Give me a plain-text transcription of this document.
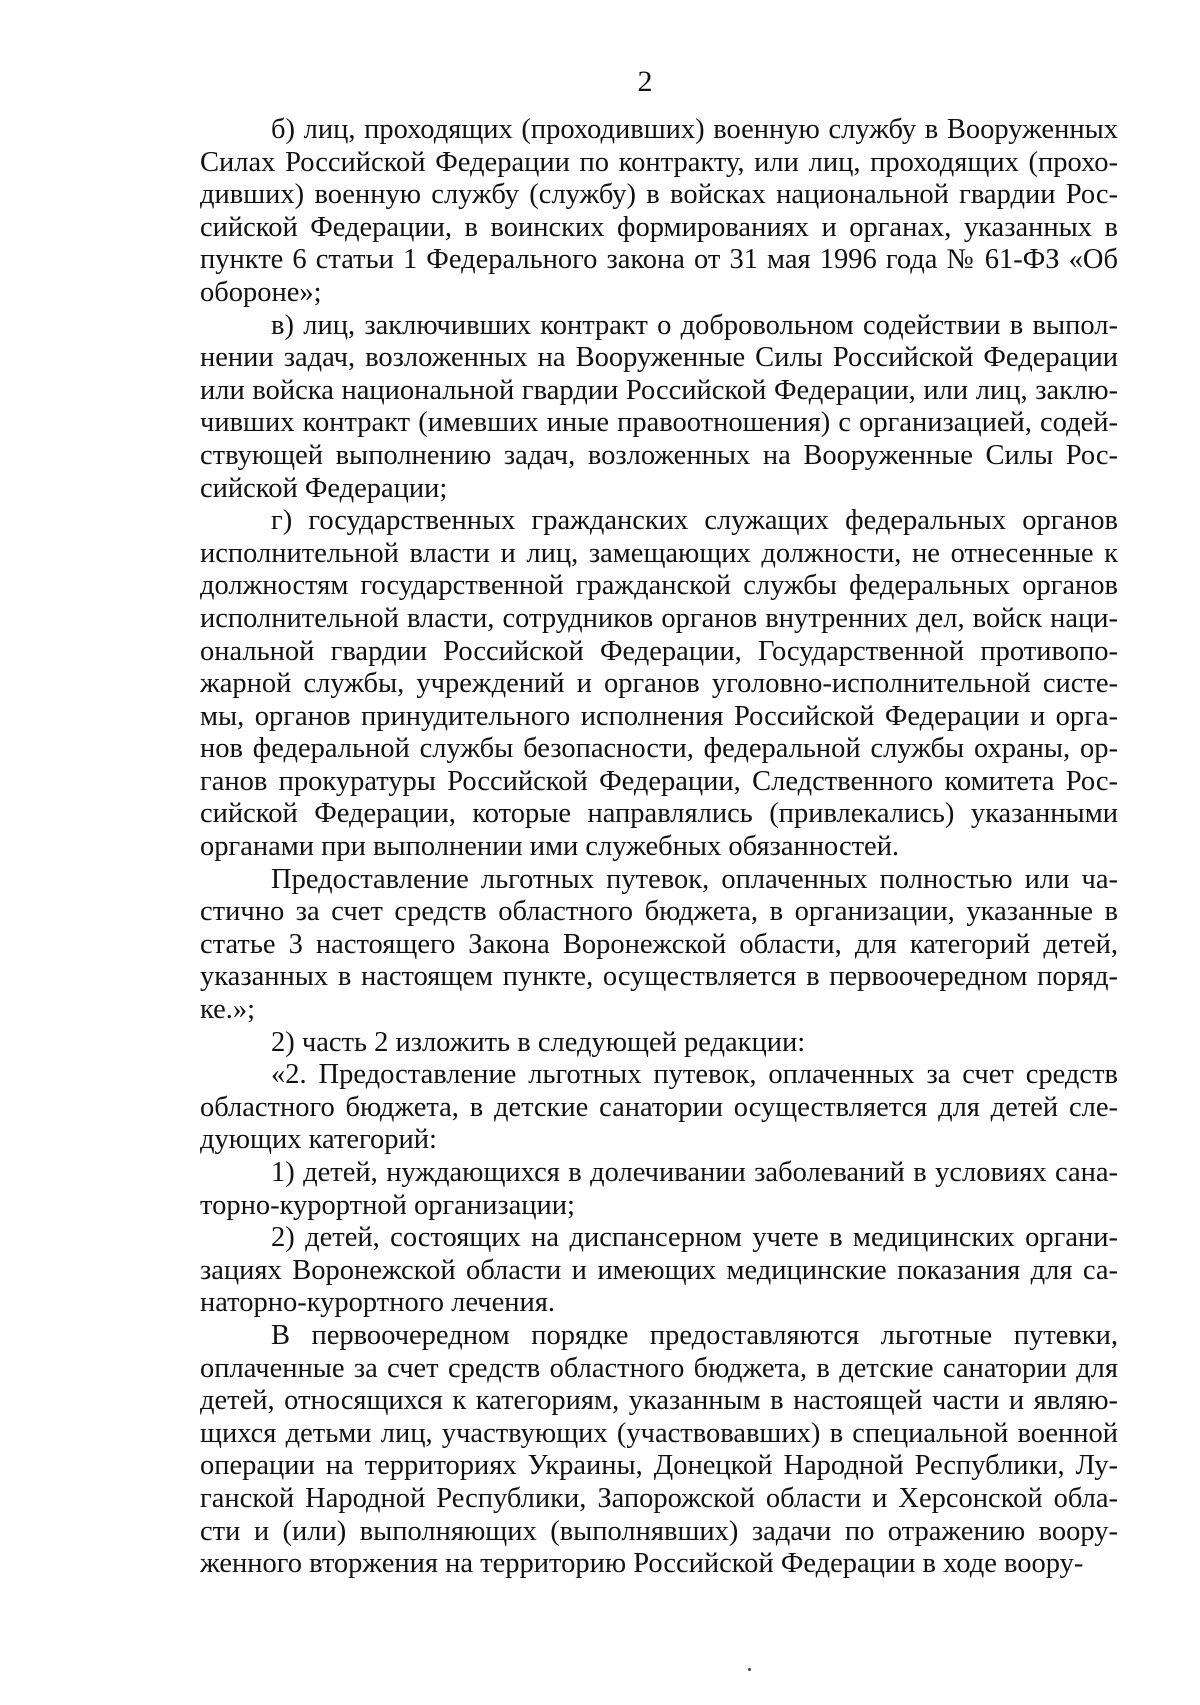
2

б) лиц, проходящих (проходивших) военную службу в Вооруженных Силах Российской Федерации по контракту, или лиц, проходящих (проходивших) военную службу (службу) в войсках национальной гвардии Российской Федерации, в воинских формированиях и органах, указанных в пункте 6 статьи 1 Федерального закона от 31 мая 1996 года № 61-ФЗ «Об обороне»;

в) лиц, заключивших контракт о добровольном содействии в выполнении задач, возложенных на Вооруженные Силы Российской Федерации или войска национальной гвардии Российской Федерации, или лиц, заключивших контракт (имевших иные правоотношения) с организацией, содействующей выполнению задач, возложенных на Вооруженные Силы Российской Федерации;

г) государственных гражданских служащих федеральных органов исполнительной власти и лиц, замещающих должности, не отнесенные к должностям государственной гражданской службы федеральных органов исполнительной власти, сотрудников органов внутренних дел, войск национальной гвардии Российской Федерации, Государственной противопожарной службы, учреждений и органов уголовно-исполнительной системы, органов принудительного исполнения Российской Федерации и органов федеральной службы безопасности, федеральной службы охраны, органов прокуратуры Российской Федерации, Следственного комитета Российской Федерации, которые направлялись (привлекались) указанными органами при выполнении ими служебных обязанностей.

Предоставление льготных путевок, оплаченных полностью или частично за счет средств областного бюджета, в организации, указанные в статье 3 настоящего Закона Воронежской области, для категорий детей, указанных в настоящем пункте, осуществляется в первоочередном порядке.»;

2) часть 2 изложить в следующей редакции:

«2. Предоставление льготных путевок, оплаченных за счет средств областного бюджета, в детские санатории осуществляется для детей следующих категорий:

1) детей, нуждающихся в долечивании заболеваний в условиях санаторно-курортной организации;

2) детей, состоящих на диспансерном учете в медицинских организациях Воронежской области и имеющих медицинские показания для санаторно-курортного лечения.

В первоочередном порядке предоставляются льготные путевки, оплаченные за счет средств областного бюджета, в детские санатории для детей, относящихся к категориям, указанным в настоящей части и являющихся детьми лиц, участвующих (участвовавших) в специальной военной операции на территориях Украины, Донецкой Народной Республики, Луганской Народной Республики, Запорожской области и Херсонской области и (или) выполняющих (выполнявших) задачи по отражению вооруженного вторжения на территорию Российской Федерации в ходе воору-
